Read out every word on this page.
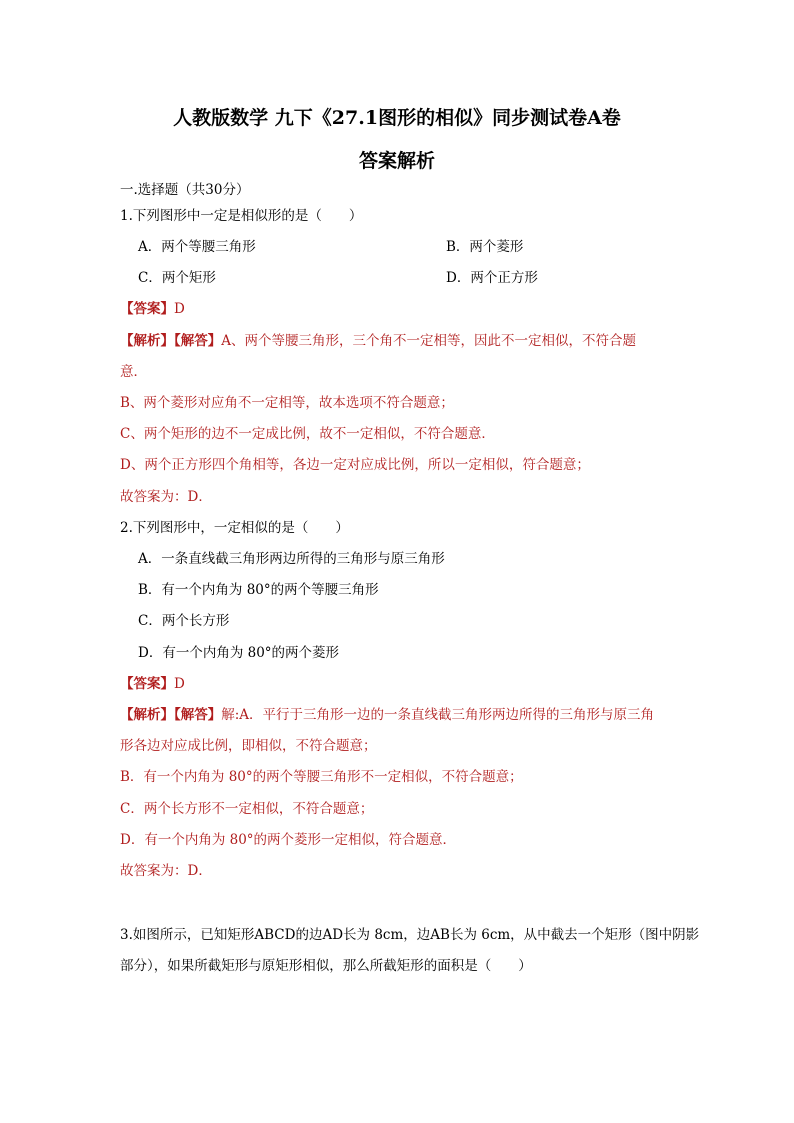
人教版数学 九下《27.1图形的相似》同步测试卷A卷
答案解析
一.选择题（共30分）
1.下列图形中一定是相似形的是（　　）
A．两个等腰三角形	B．两个菱形
C．两个矩形	D．两个正方形
【答案】D
【解析】【解答】A、两个等腰三角形，三个角不一定相等，因此不一定相似，不符合题
意．
B、两个菱形对应角不一定相等，故本选项不符合题意；
C、两个矩形的边不一定成比例，故不一定相似，不符合题意．
D、两个正方形四个角相等，各边一定对应成比例，所以一定相似，符合题意；
故答案为：D．
2.下列图形中，一定相似的是（　　）
A．一条直线截三角形两边所得的三角形与原三角形
B．有一个内角为 80°的两个等腰三角形
C．两个长方形
D．有一个内角为 80°的两个菱形
【答案】D
【解析】【解答】解:A．平行于三角形一边的一条直线截三角形两边所得的三角形与原三角
形各边对应成比例，即相似，不符合题意；
B．有一个内角为 80°的两个等腰三角形不一定相似，不符合题意；
C．两个长方形不一定相似，不符合题意；
D．有一个内角为 80°的两个菱形一定相似，符合题意．
故答案为：D．
3.如图所示，已知矩形ABCD的边AD长为 8cm，边AB长为 6cm，从中截去一个矩形（图中阴影
部分），如果所截矩形与原矩形相似，那么所截矩形的面积是（　　）
